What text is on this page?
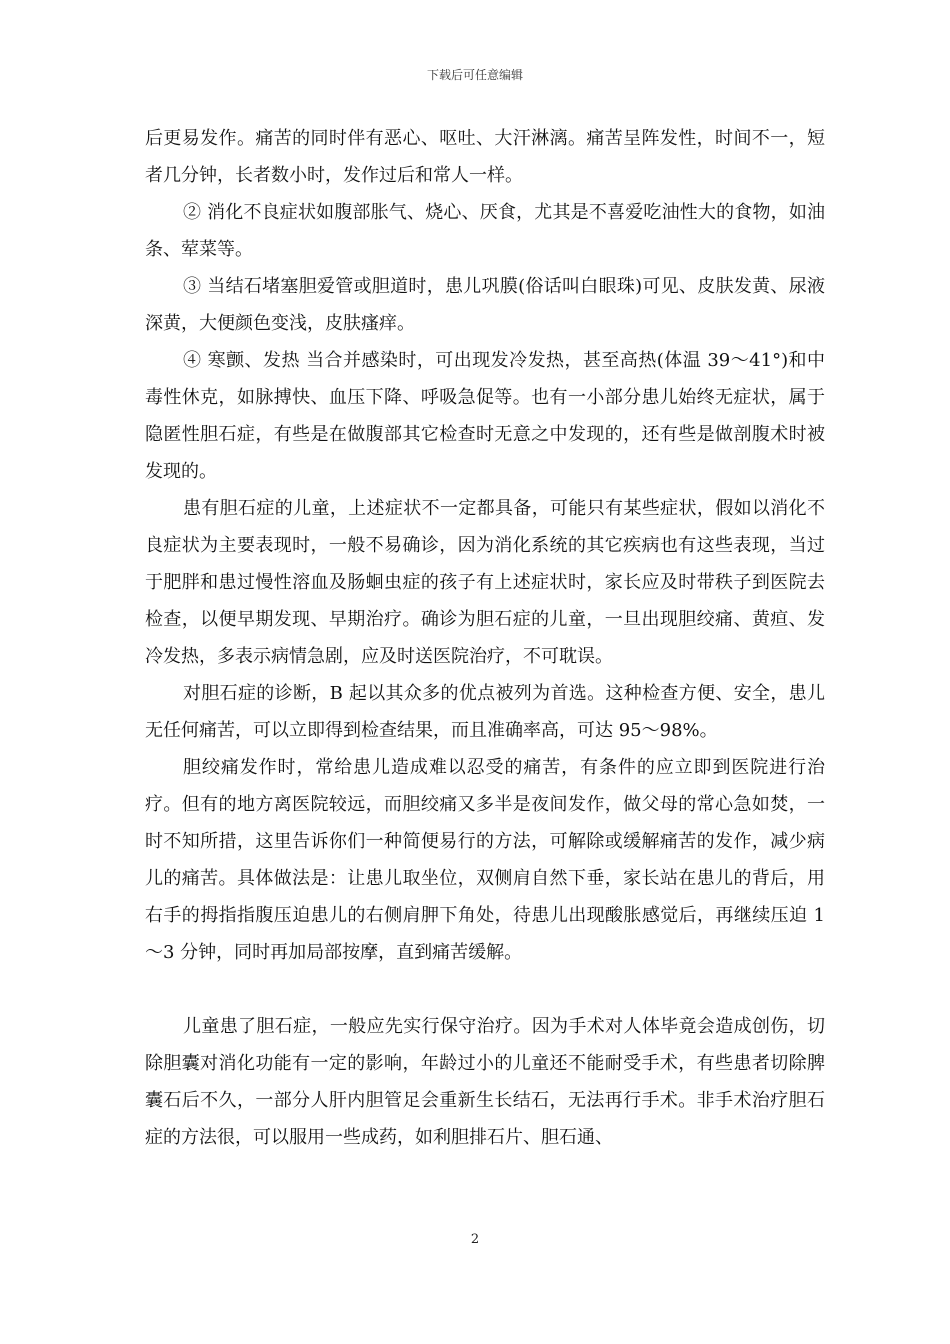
下载后可任意编辑

后更易发作。痛苦的同时伴有恶心、呕吐、大汗淋漓。痛苦呈阵发性，时间不一，短者几分钟，长者数小时，发作过后和常人一样。

② 消化不良症状如腹部胀气、烧心、厌食，尤其是不喜爱吃油性大的食物，如油条、荤菜等。

③ 当结石堵塞胆爱管或胆道时，患儿巩膜(俗话叫白眼珠)可见、皮肤发黄、尿液深黄，大便颜色变浅，皮肤瘙痒。

④ 寒颤、发热 当合并感染时，可出现发冷发热，甚至高热(体温 39～41°)和中毒性休克，如脉搏快、血压下降、呼吸急促等。也有一小部分患儿始终无症状，属于隐匿性胆石症，有些是在做腹部其它检查时无意之中发现的，还有些是做剖腹术时被发现的。

患有胆石症的儿童，上述症状不一定都具备，可能只有某些症状，假如以消化不良症状为主要表现时，一般不易确诊，因为消化系统的其它疾病也有这些表现，当过于肥胖和患过慢性溶血及肠蛔虫症的孩子有上述症状时，家长应及时带秩子到医院去检查，以便早期发现、早期治疗。确诊为胆石症的儿童，一旦出现胆绞痛、黄疸、发冷发热，多表示病情急剧，应及时送医院治疗，不可耽误。

对胆石症的诊断，B 起以其众多的优点被列为首选。这种检查方便、安全，患儿无任何痛苦，可以立即得到检查结果，而且准确率高，可达 95～98%。

胆绞痛发作时，常给患儿造成难以忍受的痛苦，有条件的应立即到医院进行治疗。但有的地方离医院较远，而胆绞痛又多半是夜间发作，做父母的常心急如焚，一时不知所措，这里告诉你们一种简便易行的方法，可解除或缓解痛苦的发作，减少病儿的痛苦。具体做法是：让患儿取坐位，双侧肩自然下垂，家长站在患儿的背后，用右手的拇指指腹压迫患儿的右侧肩胛下角处，待患儿出现酸胀感觉后，再继续压迫 1～3 分钟，同时再加局部按摩，直到痛苦缓解。

儿童患了胆石症，一般应先实行保守治疗。因为手术对人体毕竟会造成创伤，切除胆囊对消化功能有一定的影响，年龄过小的儿童还不能耐受手术，有些患者切除脾囊石后不久，一部分人肝内胆管足会重新生长结石，无法再行手术。非手术治疗胆石症的方法很，可以服用一些成药，如利胆排石片、胆石通、

2
